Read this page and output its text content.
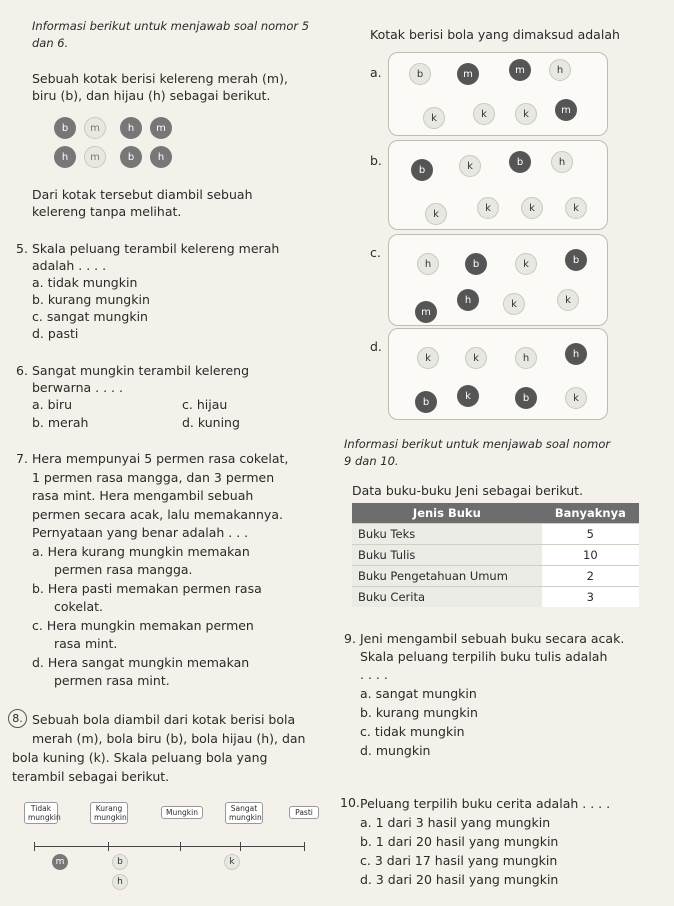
Informasi berikut untuk menjawab soal nomor 5 dan 6.
Sebuah kotak berisi kelereng merah (m),
biru (b), dan hijau (h) sebagai berikut.
b	m	h	m
h	m	b	h
Dari kotak tersebut diambil sebuah
kelereng tanpa melihat.
5. Skala peluang terambil kelereng merah
adalah . . . .
a. tidak mungkin
b. kurang mungkin
c. sangat mungkin
d. pasti
6. Sangat mungkin terambil kelereng
berwarna . . . .
a. biru
b. merah
c. hijau
d. kuning
7. Hera mempunyai 5 permen rasa cokelat,
1 permen rasa mangga, dan 3 permen
rasa mint. Hera mengambil sebuah
permen secara acak, lalu memakannya.
Pernyataan yang benar adalah . . .
a. Hera kurang mungkin memakan
permen rasa mangga.
b. Hera pasti memakan permen rasa
cokelat.
c. Hera mungkin memakan permen
rasa mint.
d. Hera sangat mungkin memakan
permen rasa mint.
8. Sebuah bola diambil dari kotak berisi bola
merah (m), bola biru (b), bola hijau (h), dan
bola kuning (k). Skala peluang bola yang
terambil sebagai berikut.
Tidak mungkin
Kurang mungkin
Mungkin	Sangat mungkin
Pasti
m	b	k
h
Kotak berisi bola yang dimaksud adalah
a.	b	m	m	h
k	k	k	m
b.
b	k	b	h
k
k	k	k
c.
h	b	k	b
m
h	k	k
d.
k	k	h	h
b
k	b	k
Informasi berikut untuk menjawab soal nomor
9 dan 10.
Data buku-buku Jeni sebagai berikut.
Jenis Buku	Banyaknya
Buku Teks	5
Buku Tulis	10
Buku Pengetahuan Umum	2
Buku Cerita	3
9. Jeni mengambil sebuah buku secara acak.
Skala peluang terpilih buku tulis adalah
. . . .
a. sangat mungkin
b. kurang mungkin
c. tidak mungkin
d. mungkin
10. Peluang terpilih buku cerita adalah . . . .
a. 1 dari 3 hasil yang mungkin
b. 1 dari 20 hasil yang mungkin
c. 3 dari 17 hasil yang mungkin
d. 3 dari 20 hasil yang mungkin
